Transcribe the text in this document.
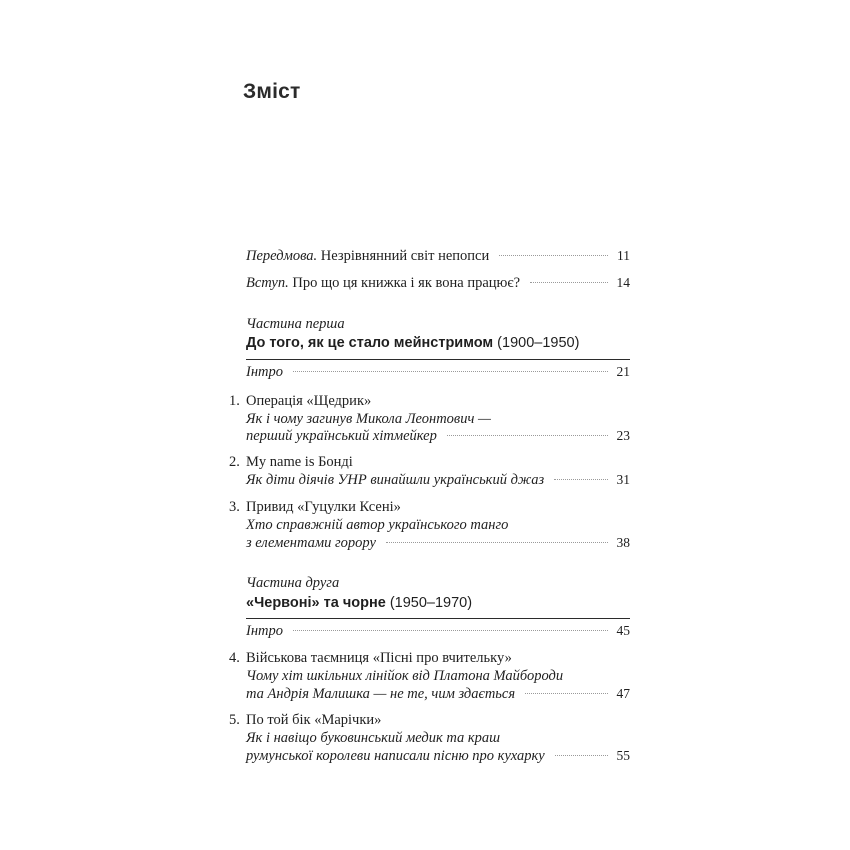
Зміст
Передмова. Незрівнянний світ непопси	11
Вступ. Про що ця книжка і як вона працює?	14
Частина перша
До того, як це стало мейнстримом (1900–1950)
Інтро	21
1. Операція «Щедрик»
Як і чому загинув Микола Леонтович —
перший український хітмейкер	23
2. My name is Бонді
Як діти діячів УНР винайшли український джаз	31
3. Привид «Гуцулки Ксені»
Хто справжній автор українського танго
з елементами горору	38
Частина друга
«Червоні» та чорне (1950–1970)
Інтро	45
4. Військова таємниця «Пісні про вчительку»
Чому хіт шкільних лінійок від Платона Майбороди
та Андрія Малишка — не те, чим здається	47
5. По той бік «Марічки»
Як і навіщо буковинський медик та краш
румунської королеви написали пісню про кухарку	55
